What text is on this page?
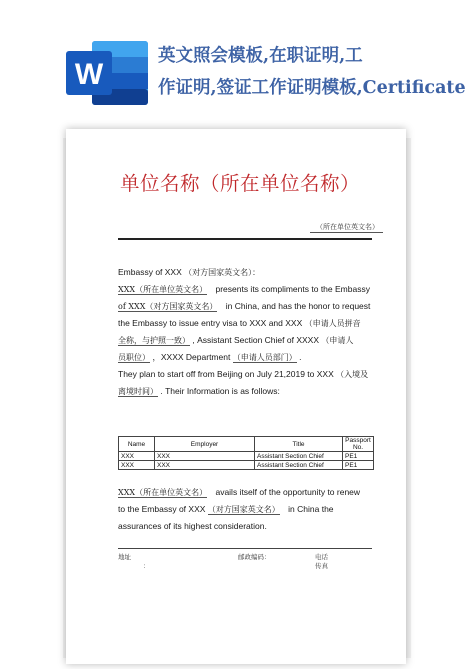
W
英文照会模板,在职证明,工
作证明,签证工作证明模板,Certificate
单位名称（所在单位名称）
（所在单位英文名）

Embassy of XXX （对方国家英文名）：

XXX（所在单位英文名） presents its compliments to the Embassy
of XXX（对方国家英文名） in China, and has the honor to request
the Embassy to issue entry visa to XXX and XXX （申请人员拼音
全称，与护照一致） , Assistant Section Chief of XXXX （申请人
员职位） ，XXXX Department （申请人员部门） .

They plan to start off from Beijing on July 21,2019 to XXX （入境及
离境时间） . Their Information is as follows:

Name	Employer	Title	Passport No.
XXX	XXX	Assistant Section Chief	PE1
XXX	XXX	Assistant Section Chief	PE1

XXX（所在单位英文名） avails itself of the opportunity to renew
to the Embassy of XXX （对方国家英文名） in China the
assurances of its highest consideration.

地址
：
邮政编码：	电话
传真
